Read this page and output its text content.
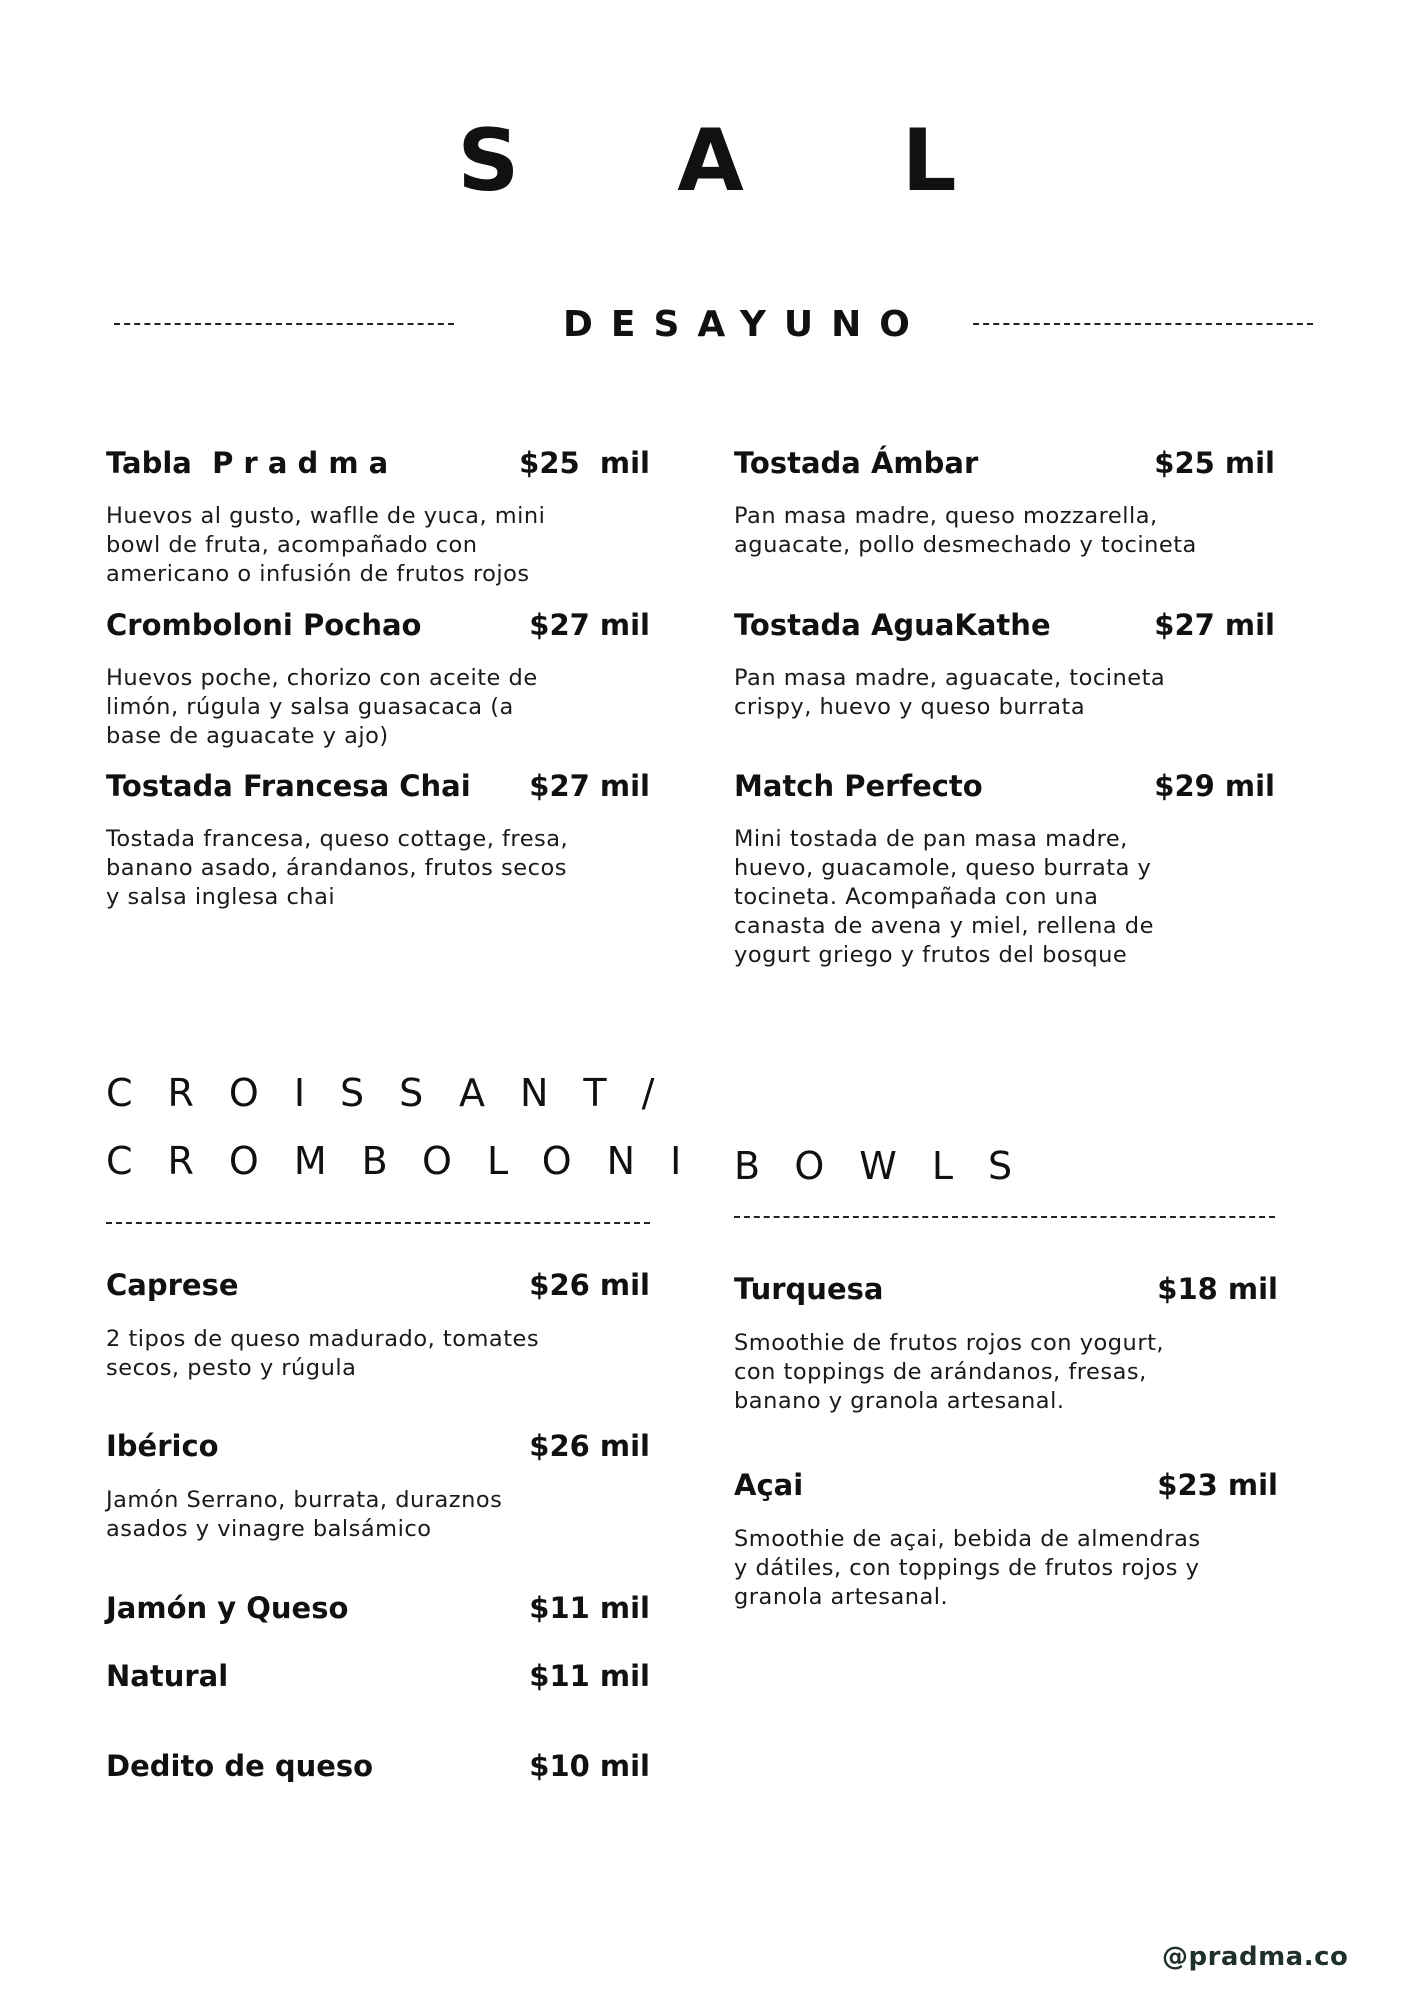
S A L
DESAYUNO
Tabla  P r a d m a	$25  mil
Huevos al gusto, waflle de yuca, mini bowl de fruta, acompañado con americano o infusión de frutos rojos
Cromboloni Pochao	$27 mil
Huevos poche, chorizo con aceite de limón, rúgula y salsa guasacaca (a base de aguacate y ajo)
Tostada Francesa Chai	$27 mil
Tostada francesa, queso cottage, fresa, banano asado, árandanos, frutos secos y salsa inglesa chai
Tostada Ámbar	$25 mil
Pan masa madre, queso mozzarella, aguacate, pollo desmechado y tocineta
Tostada AguaKathe	$27 mil
Pan masa madre, aguacate, tocineta crispy, huevo y queso burrata
Match Perfecto	$29 mil
Mini tostada de pan masa madre, huevo, guacamole, queso burrata y tocineta. Acompañada con una canasta de avena y miel, rellena de yogurt griego y frutos del bosque
CROISSANT/
CROMBOLONI BOWLS
Caprese	$26 mil
2 tipos de queso madurado, tomates secos, pesto y rúgula
Ibérico	$26 mil
Jamón Serrano, burrata, duraznos asados y vinagre balsámico
Jamón y Queso	$11 mil
Natural	$11 mil
Dedito de queso	$10 mil
Turquesa	$18 mil
Smoothie de frutos rojos con yogurt, con toppings de arándanos, fresas, banano y granola artesanal.
Açai	$23 mil
Smoothie de açai, bebida de almendras y dátiles, con toppings de frutos rojos y granola artesanal.
@pradma.co
